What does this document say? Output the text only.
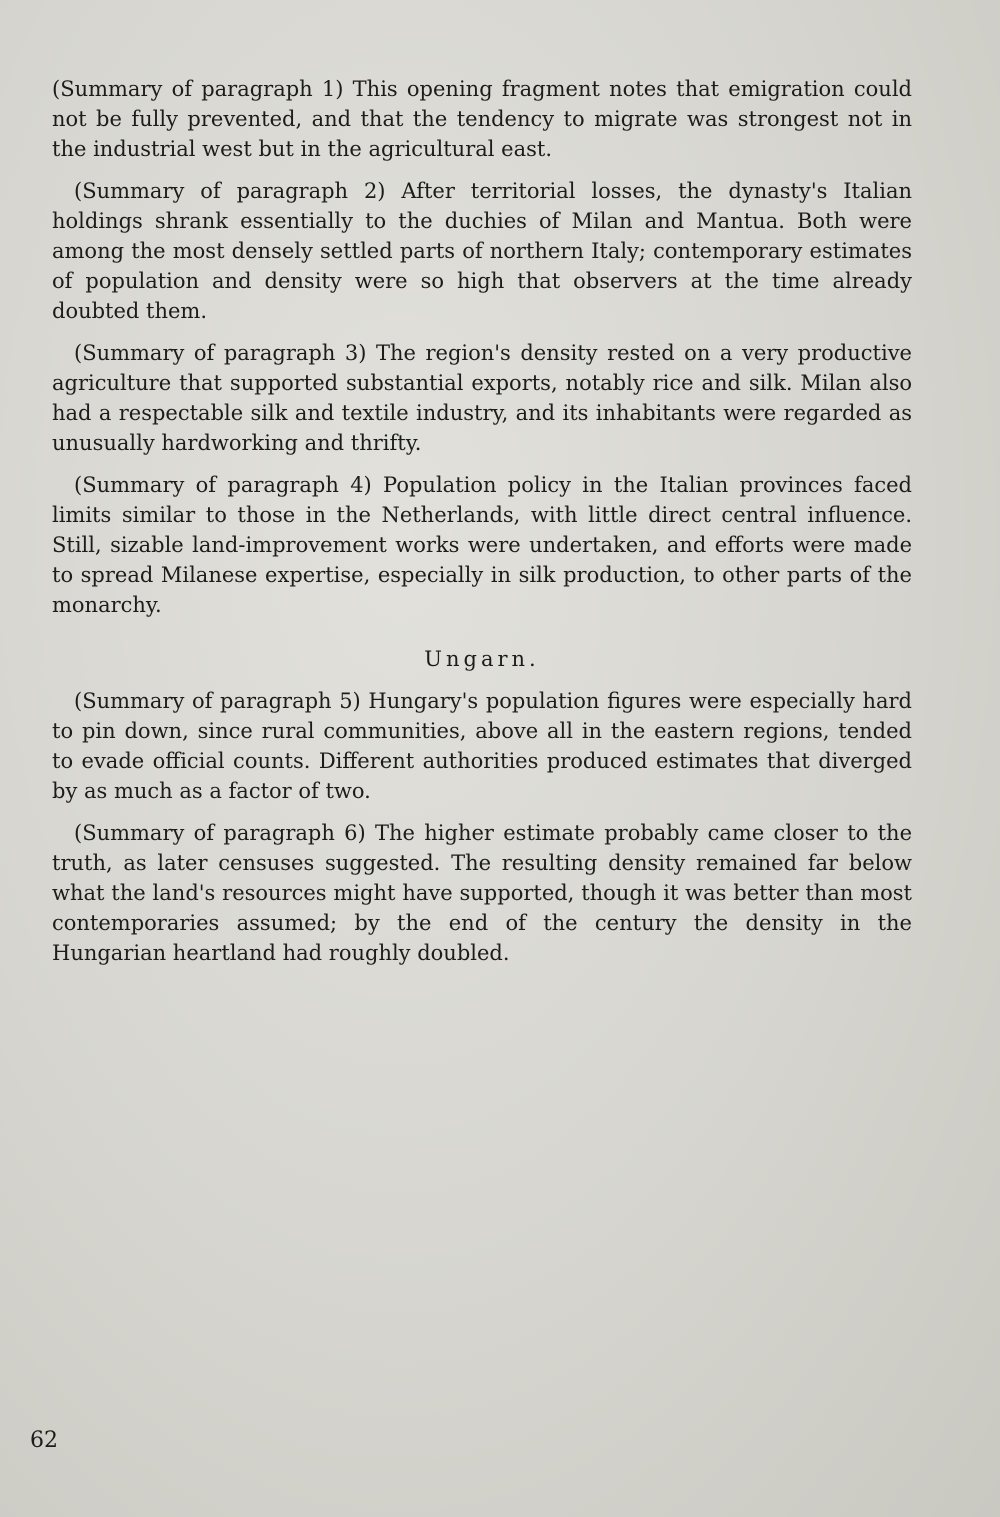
(Summary of paragraph 1) This opening fragment notes that emigration could not be fully prevented, and that the tendency to migrate was strongest not in the industrial west but in the agricultural east.

(Summary of paragraph 2) After territorial losses, the dynasty's Italian holdings shrank essentially to the duchies of Milan and Mantua. Both were among the most densely settled parts of northern Italy; contemporary estimates of population and density were so high that observers at the time already doubted them.

(Summary of paragraph 3) The region's density rested on a very productive agriculture that supported substantial exports, notably rice and silk. Milan also had a respectable silk and textile industry, and its inhabitants were regarded as unusually hardworking and thrifty.

(Summary of paragraph 4) Population policy in the Italian provinces faced limits similar to those in the Netherlands, with little direct central influence. Still, sizable land-improvement works were undertaken, and efforts were made to spread Milanese expertise, especially in silk production, to other parts of the monarchy.

Ungarn.

(Summary of paragraph 5) Hungary's population figures were especially hard to pin down, since rural communities, above all in the eastern regions, tended to evade official counts. Different authorities produced estimates that diverged by as much as a factor of two.

(Summary of paragraph 6) The higher estimate probably came closer to the truth, as later censuses suggested. The resulting density remained far below what the land's resources might have supported, though it was better than most contemporaries assumed; by the end of the century the density in the Hungarian heartland had roughly doubled.

62
